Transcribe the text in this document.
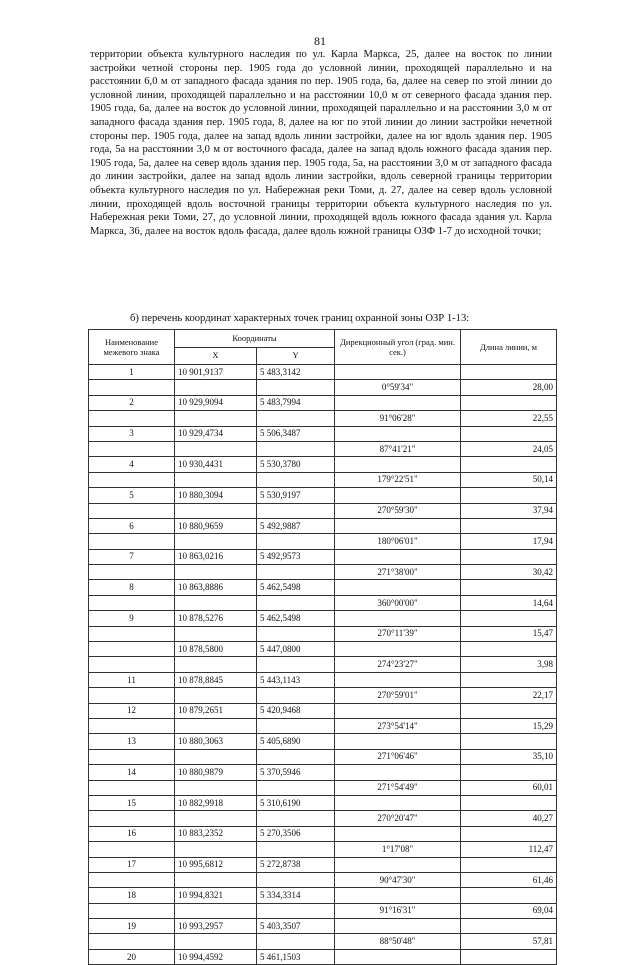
81
территории объекта культурного наследия по ул. Карла Маркса, 25, далее на восток по линии застройки четной стороны пер. 1905 года до условной линии, проходящей параллельно и на расстоянии 6,0 м от западного фасада здания по пер. 1905 года, 6а, далее на север по этой линии до условной линии, проходящей параллельно и на расстоянии 10,0 м от северного фасада здания пер. 1905 года, 6а, далее на восток до условной линии, проходящей параллельно и на расстоянии 3,0 м от западного фасада здания пер. 1905 года, 8, далее на юг по этой линии до линии застройки нечетной стороны пер. 1905 года, далее на запад вдоль линии застройки, далее на юг вдоль здания пер. 1905 года, 5а на расстоянии 3,0 м от восточного фасада, далее на запад вдоль южного фасада здания пер. 1905 года, 5а, далее на север вдоль здания пер. 1905 года, 5а, на расстоянии 3,0 м от западного фасада до линии застройки, далее на запад вдоль линии застройки, вдоль северной границы территории объекта культурного наследия по ул. Набережная реки Томи, д. 27, далее на север вдоль условной линии, проходящей вдоль восточной границы территории объекта культурного наследия по ул. Набережная реки Томи, 27, до условной линии, проходящей вдоль южного фасада здания ул. Карла Маркса, 36, далее на восток вдоль фасада, далее вдоль южной границы ОЗФ 1-7 до исходной точки;
б) перечень координат характерных точек границ охранной зоны ОЗР 1-13:
Наименование межевого знака	Координаты		Дирекционный угол (град. мин. сек.)	Длина линии, м
	X	Y		
1	10 901,9137	5 483,3142		
			0°59'34"	28,00
2	10 929,9094	5 483,7994		
			91°06'28"	22,55
3	10 929,4734	5 506,3487		
			87°41'21"	24,05
4	10 930,4431	5 530,3780		
			179°22'51"	50,14
5	10 880,3094	5 530,9197		
			270°59'30"	37,94
6	10 880,9659	5 492,9887		
			180°06'01"	17,94
7	10 863,0216	5 492,9573		
			271°38'00"	30,42
8	10 863,8886	5 462,5498		
			360°00'00"	14,64
9	10 878,5276	5 462,5498		
			270°11'39"	15,47
	10 878,5800	5 447,0800		
			274°23'27"	3,98
11	10 878,8845	5 443,1143		
			270°59'01"	22,17
12	10 879,2651	5 420,9468		
			273°54'14"	15,29
13	10 880,3063	5 405,6890		
			271°06'46"	35,10
14	10 880,9879	5 370,5946		
			271°54'49"	60,01
15	10 882,9918	5 310,6190		
			270°20'47"	40,27
16	10 883,2352	5 270,3506		
			1°17'08"	112,47
17	10 995,6812	5 272,8738		
			90°47'30"	61,46
18	10 994,8321	5 334,3314		
			91°16'31"	69,04
19	10 993,2957	5 403,3507		
			88°50'48"	57,81
20	10 994,4592	5 461,1503		
